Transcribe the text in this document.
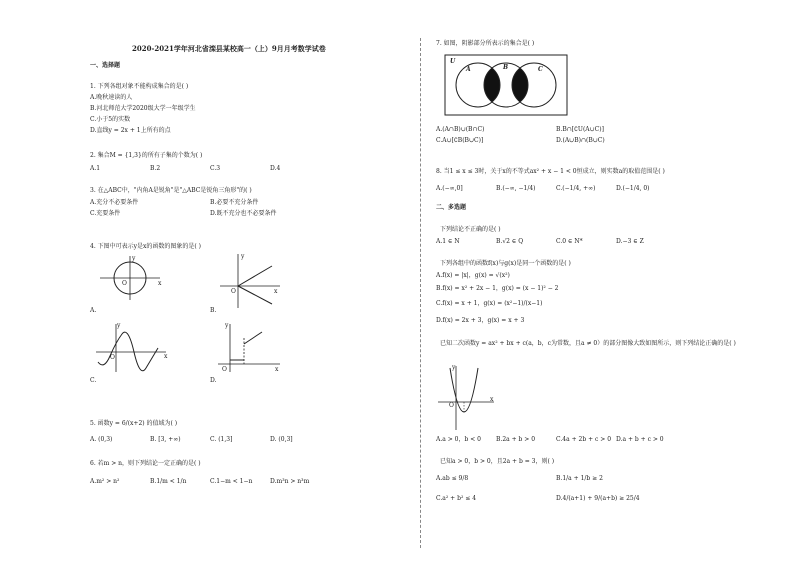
2020-2021学年河北省滦县某校高一（上）9月月考数学试卷
一、选择题
1. 下列各组对象不能构成集合的是( )
A.晚秋速读的人
B.河北师范大学2020级大学一年级学生
C.小于5的实数
D.直线y = 2x + 1上所有的点
2. 集合M = {1,3}的所有子集的个数为( )
A.1	B.2	C.3	D.4
3. 在△ABC中，"内角A是锐角"是"△ABC是锐角三角形"的( )
A.充分不必要条件	B.必要不充分条件
C.充要条件	D.既不充分也不必要条件
4. 下图中可表示y是x的函数的图象的是( )
y
x
O
A.
y
x
O
B.
y
x
O
C.
y
x
O
D.
5. 函数y = 6/(x+2) 的值域为( )
A. (0,3)	B. [3, +∞)	C. (1,3]	D. (0,3]
6. 若m > n，则下列结论一定正确的是( )
A.m² > n²	B.1/m < 1/n	C.1−m < 1−n	D.m³n > n³m
7. 如图，阴影部分所表示的集合是( )
U
A	B	C
A.(A∩B)∪(B∩C)	B.B∩[∁U(A∪C)]
C.A∪[∁B(B∪C)]	D.(A∪B)∩(B∪C)
8. 当1 ≤ x ≤ 3时，关于x的不等式ax² + x − 1 < 0恒成立，则实数a的取值范围是( )
A.(−∞,0]	B.(−∞, −1/4)	C.(−1/4, +∞)	D.(−1/4, 0)
二、多选题
下列结论不正确的是( )
A.1 ∈ N	B.√2 ∈ Q	C.0 ∈ N*	D.−3 ∈ Z
下列各组中的函数f(x)与g(x)是同一个函数的是( )
A.f(x) = |x|，g(x) = √(x²)
B.f(x) = x² + 2x − 1，g(x) = (x − 1)² − 2
C.f(x) = x + 1，g(x) = (x²−1)/(x−1)
D.f(x) = 2x + 3，g(x) = x + 3
已知二次函数y = ax² + bx + c(a，b，c为常数，且a ≠ 0）的部分图像大致如图所示，则下列结论正确的是( )
y
x
O
A.a > 0，b < 0	B.2a + b > 0	C.4a + 2b + c > 0 D.a + b + c > 0
已知a > 0，b > 0，且2a + b = 3，则( )
A.ab ≤ 9/8	B.1/a + 1/b ≥ 2
C.a² + b² ≤ 4	D.4/(a+1) + 9/(a+b) ≥ 25/4
